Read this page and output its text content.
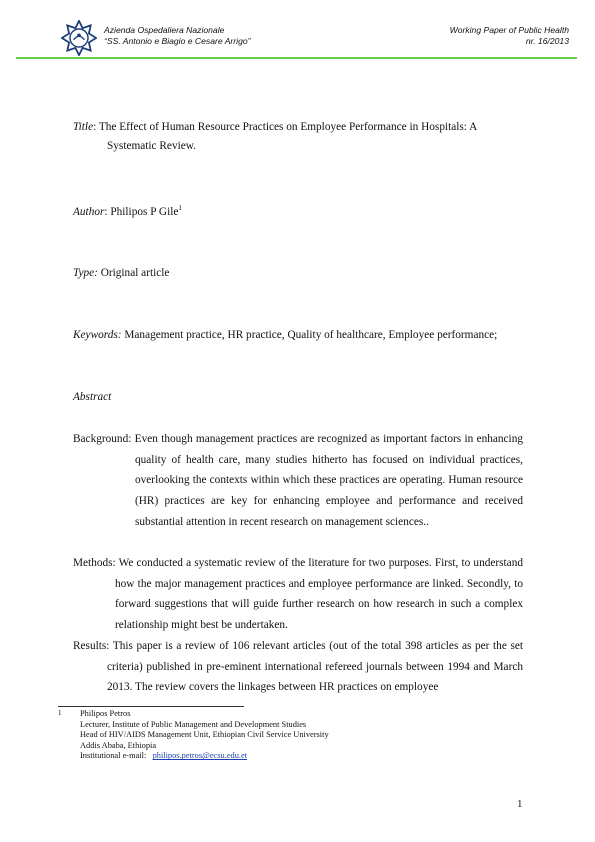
Azienda Ospedaliera Nazionale
“SS. Antonio e Biagio e Cesare Arrigo”
Working Paper of Public Health
nr. 16/2013
Title: The Effect of Human Resource Practices on Employee Performance in Hospitals: A Systematic Review.
Author: Philipos P Gile$^1$
Type: Original article
Keywords: Management practice, HR practice, Quality of healthcare, Employee performance;
Abstract
Background: Even though management practices are recognized as important factors in enhancing quality of health care, many studies hitherto has focused on individual practices, overlooking the contexts within which these practices are operating. Human resource (HR) practices are key for enhancing employee and performance and received substantial attention in recent research on management sciences..
Methods: We conducted a systematic review of the literature for two purposes. First, to understand how the major management practices and employee performance are linked. Secondly, to forward suggestions that will guide further research on how research in such a complex relationship might best be undertaken.
Results: This paper is a review of 106 relevant articles (out of the total 398 articles as per the set criteria) published in pre-eminent international refereed journals between 1994 and March 2013. The review covers the linkages between HR practices on employee
1 Philipos Petros
Lecturer, Institute of Public Management and Development Studies
Head of HIV/AIDS Management Unit, Ethiopian Civil Service University
Addis Ababa, Ethiopia
Institutional e-mail:   philipos.petros@ecsu.edu.et
1
